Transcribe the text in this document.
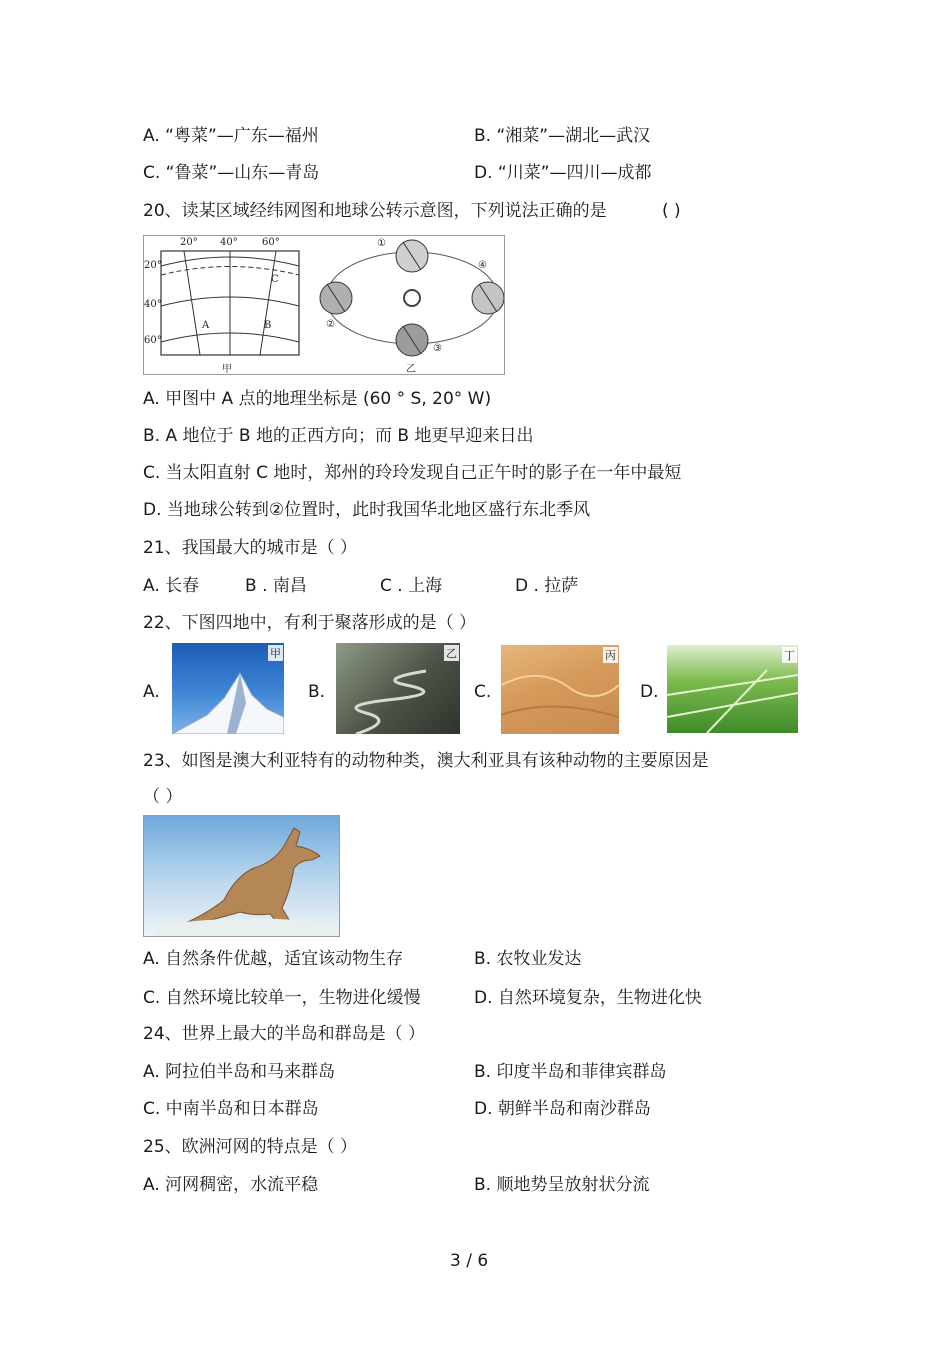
A. “粤菜”—广东—福州	B. “湘菜”—湖北—武汉
C. “鲁菜”—山东—青岛	D. “川菜”—四川—成都
20、读某区域经纬网图和地球公转示意图，下列说法正确的是	( )
20° 40° 60°
20°
40°
60°
A	B
C
甲
①
②
③
④
乙
A. 甲图中 A 点的地理坐标是 (60 ° S, 20° W)
B. A 地位于 B 地的正西方向；而 B 地更早迎来日出
C. 当太阳直射 C 地时，郑州的玲玲发现自己正午时的影子在一年中最短
D. 当地球公转到②位置时，此时我国华北地区盛行东北季风
21、我国最大的城市是（ ）
A. 长春	B . 南昌	C . 上海	D . 拉萨
22、下图四地中，有利于聚落形成的是（ ）
A.
甲
B.
乙
C.
丙
D.
丁
23、如图是澳大利亚特有的动物种类，澳大利亚具有该种动物的主要原因是
（ ）
A. 自然条件优越，适宜该动物生存	B. 农牧业发达
C. 自然环境比较单一，生物进化缓慢	D. 自然环境复杂，生物进化快
24、世界上最大的半岛和群岛是（ ）
A. 阿拉伯半岛和马来群岛	B. 印度半岛和菲律宾群岛
C. 中南半岛和日本群岛	D. 朝鲜半岛和南沙群岛
25、欧洲河网的特点是（ ）
A. 河网稠密，水流平稳	B. 顺地势呈放射状分流
3 / 6
